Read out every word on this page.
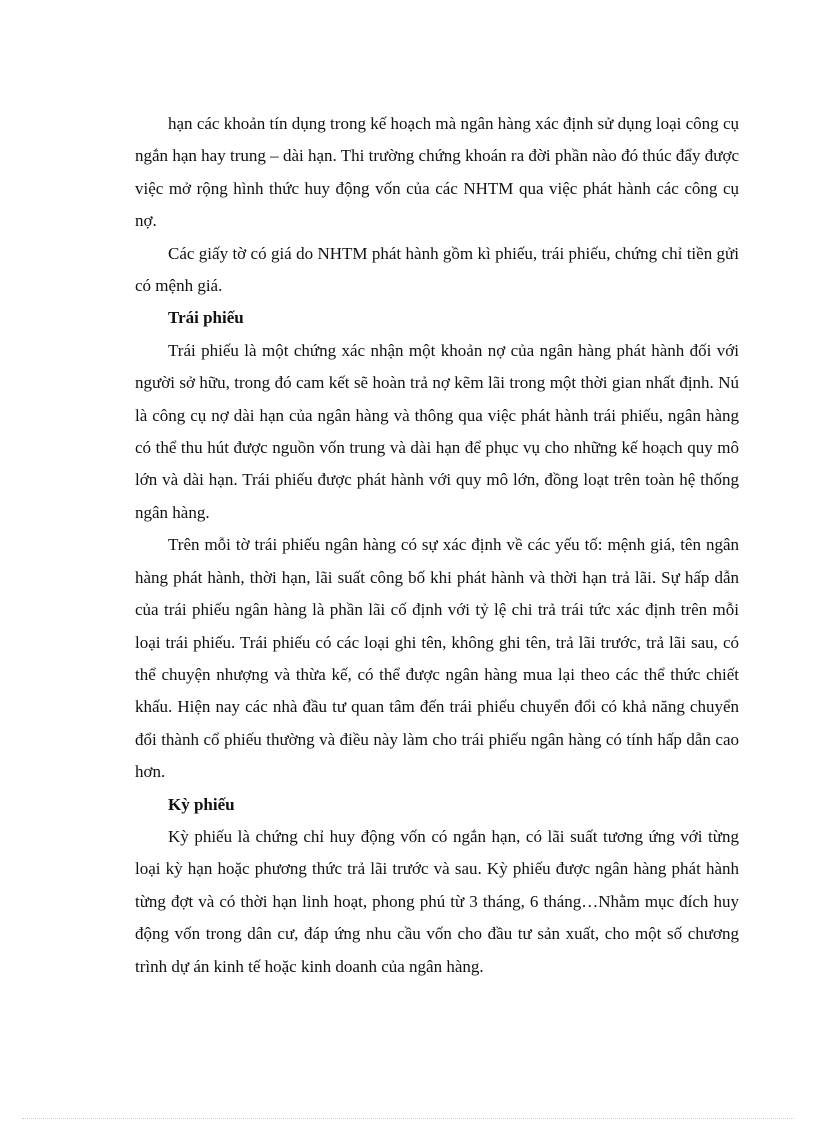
hạn các khoản tín dụng trong kế hoạch mà ngân hàng xác định sử dụng loại công cụ ngắn hạn hay trung – dài hạn. Thi trường chứng khoán ra đời phần nào đó thúc đẩy được việc mở rộng hình thức huy động vốn của các NHTM qua việc phát hành các công cụ nợ.

Các giấy tờ có giá do NHTM phát hành gồm kì phiếu, trái phiếu, chứng chỉ tiền gửi có mệnh giá.

Trái phiếu

Trái phiếu là một chứng xác nhận một khoản nợ của ngân hàng phát hành đối với người sở hữu, trong đó cam kết sẽ hoàn trả nợ kẽm lãi trong một thời gian nhất định. Nú là công cụ nợ dài hạn của ngân hàng và thông qua việc phát hành trái phiếu, ngân hàng có thể thu hút được nguồn vốn trung và dài hạn để phục vụ cho những kế hoạch quy mô lớn và dài hạn. Trái phiếu được phát hành với quy mô lớn, đồng loạt trên toàn hệ thống ngân hàng.

Trên mỗi tờ trái phiếu ngân hàng có sự xác định về các yếu tố: mệnh giá, tên ngân hàng phát hành, thời hạn, lãi suất công bố khi phát hành và thời hạn trả lãi. Sự hấp dẫn của trái phiếu ngân hàng là phần lãi cố định với tỷ lệ chi trả trái tức xác định trên mỗi loại trái phiếu. Trái phiếu có các loại ghi tên, không ghi tên, trả lãi trước, trả lãi sau, có thể chuyện nhượng và thừa kế, có thể được ngân hàng mua lại theo các thể thức chiết khấu. Hiện nay các nhà đầu tư quan tâm đến trái phiếu chuyển đổi có khả năng chuyển đổi thành cổ phiếu thường và điều này làm cho trái phiếu ngân hàng có tính hấp dẫn cao hơn.

Kỳ phiếu

Kỳ phiếu là chứng chỉ huy động vốn có ngắn hạn, có lãi suất tương ứng với từng loại kỳ hạn hoặc phương thức trả lãi trước và sau. Kỳ phiếu được ngân hàng phát hành từng đợt và có thời hạn linh hoạt, phong phú từ 3 tháng, 6 tháng…Nhằm mục đích huy động vốn trong dân cư, đáp ứng nhu cầu vốn cho đầu tư sản xuất, cho một số chương trình dự án kinh tế hoặc kinh doanh của ngân hàng.
